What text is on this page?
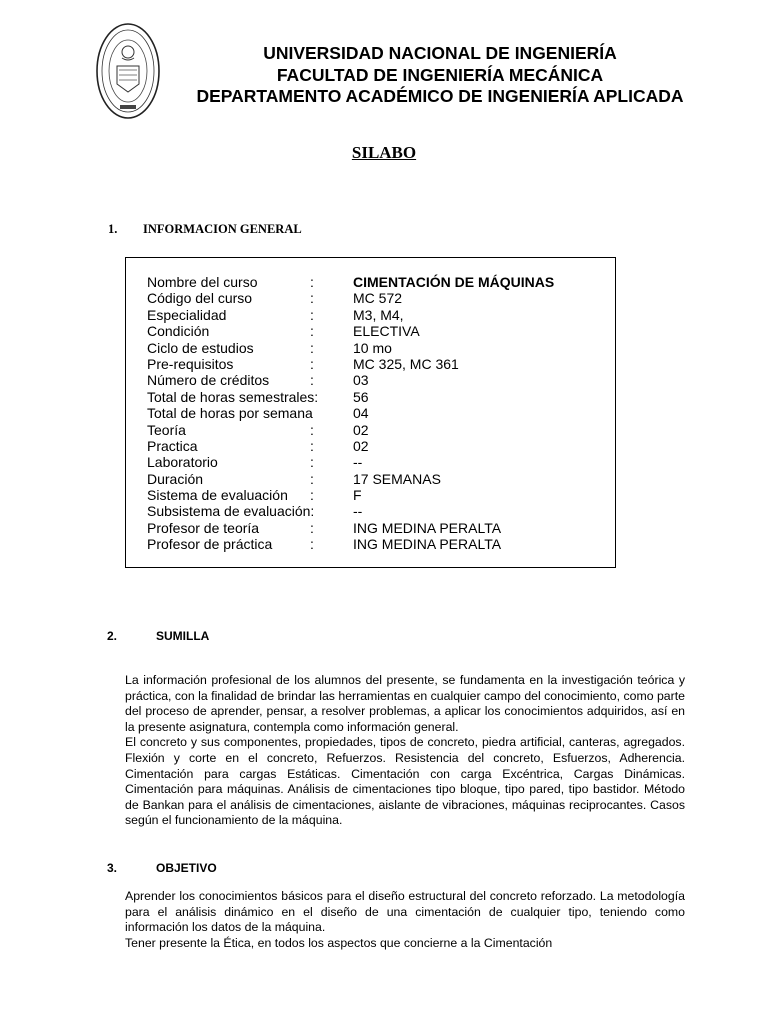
UNIVERSIDAD NACIONAL DE INGENIERÍA
FACULTAD DE INGENIERÍA MECÁNICA
DEPARTAMENTO ACADÉMICO DE INGENIERÍA APLICADA
SILABO
1. INFORMACION GENERAL
Nombre del curso	:	CIMENTACIÓN DE MÁQUINAS
Código del curso	:	MC 572
Especialidad	:	M3, M4,
Condición	:	ELECTIVA
Ciclo de estudios	:	10 mo
Pre-requisitos	:	MC 325, MC 361
Número de créditos	:	03
Total de horas semestrales: 56
Total de horas por semana	04
Teoría	:	02
Practica	:	02
Laboratorio	:	--
Duración	:	17 SEMANAS
Sistema de evaluación :	F
Subsistema de evaluación:	--
Profesor de teoría	:	ING MEDINA PERALTA
Profesor de práctica	:	ING MEDINA PERALTA
2.	SUMILLA

La información profesional de los alumnos del presente, se fundamenta en la investigación teórica y práctica, con la finalidad de brindar las herramientas en cualquier campo del conocimiento, como parte del proceso de aprender, pensar, a resolver problemas, a aplicar los conocimientos adquiridos, así en la presente asignatura, contempla como información general.

El concreto y sus componentes, propiedades, tipos de concreto, piedra artificial, canteras, agregados. Flexión y corte en el concreto, Refuerzos. Resistencia del concreto, Esfuerzos, Adherencia. Cimentación para cargas Estáticas. Cimentación con carga Excéntrica, Cargas Dinámicas. Cimentación para máquinas. Análisis de cimentaciones tipo bloque, tipo pared, tipo bastidor. Método de Bankan para el análisis de cimentaciones, aislante de vibraciones, máquinas reciprocantes. Casos según el funcionamiento de la máquina.

3.	OBJETIVO

Aprender los conocimientos básicos para el diseño estructural del concreto reforzado. La metodología para el análisis dinámico en el diseño de una cimentación de cualquier tipo, teniendo como información los datos de la máquina.

Tener presente la Ética, en todos los aspectos que concierne a la Cimentación
